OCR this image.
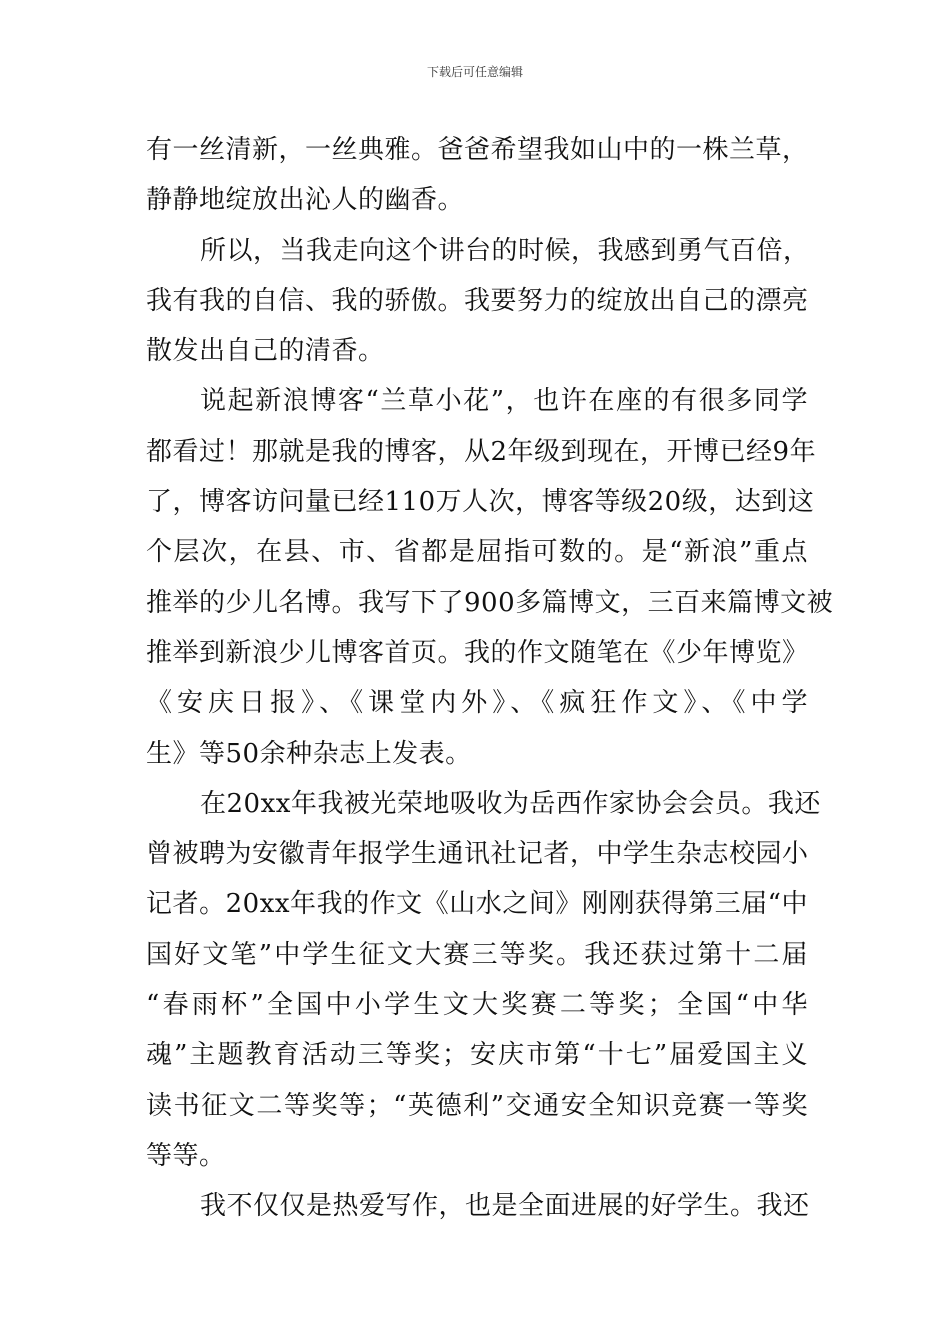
下载后可任意编辑
有一丝清新，一丝典雅。爸爸希望我如山中的一株兰草，
静静地绽放出沁人的幽香。
所以，当我走向这个讲台的时候，我感到勇气百倍，
我有我的自信、我的骄傲。我要努力的绽放出自己的漂亮
散发出自己的清香。
说起新浪博客“兰草小花”，也许在座的有很多同学
都看过！那就是我的博客，从2年级到现在，开博已经9年
了，博客访问量已经110万人次，博客等级20级，达到这
个层次，在县、市、省都是屈指可数的。是“新浪”重点
推举的少儿名博。我写下了900多篇博文，三百来篇博文被
推举到新浪少儿博客首页。我的作文随笔在《少年博览》
《安庆日报》、《课堂内外》、《疯狂作文》、《中学
生》等50余种杂志上发表。
在20xx年我被光荣地吸收为岳西作家协会会员。我还
曾被聘为安徽青年报学生通讯社记者，中学生杂志校园小
记者。20xx年我的作文《山水之间》刚刚获得第三届“中
国好文笔”中学生征文大赛三等奖。我还获过第十二届
“春雨杯”全国中小学生文大奖赛二等奖；全国“中华
魂”主题教育活动三等奖；安庆市第“十七”届爱国主义
读书征文二等奖等；“英德利”交通安全知识竞赛一等奖
等等。
我不仅仅是热爱写作，也是全面进展的好学生。我还
